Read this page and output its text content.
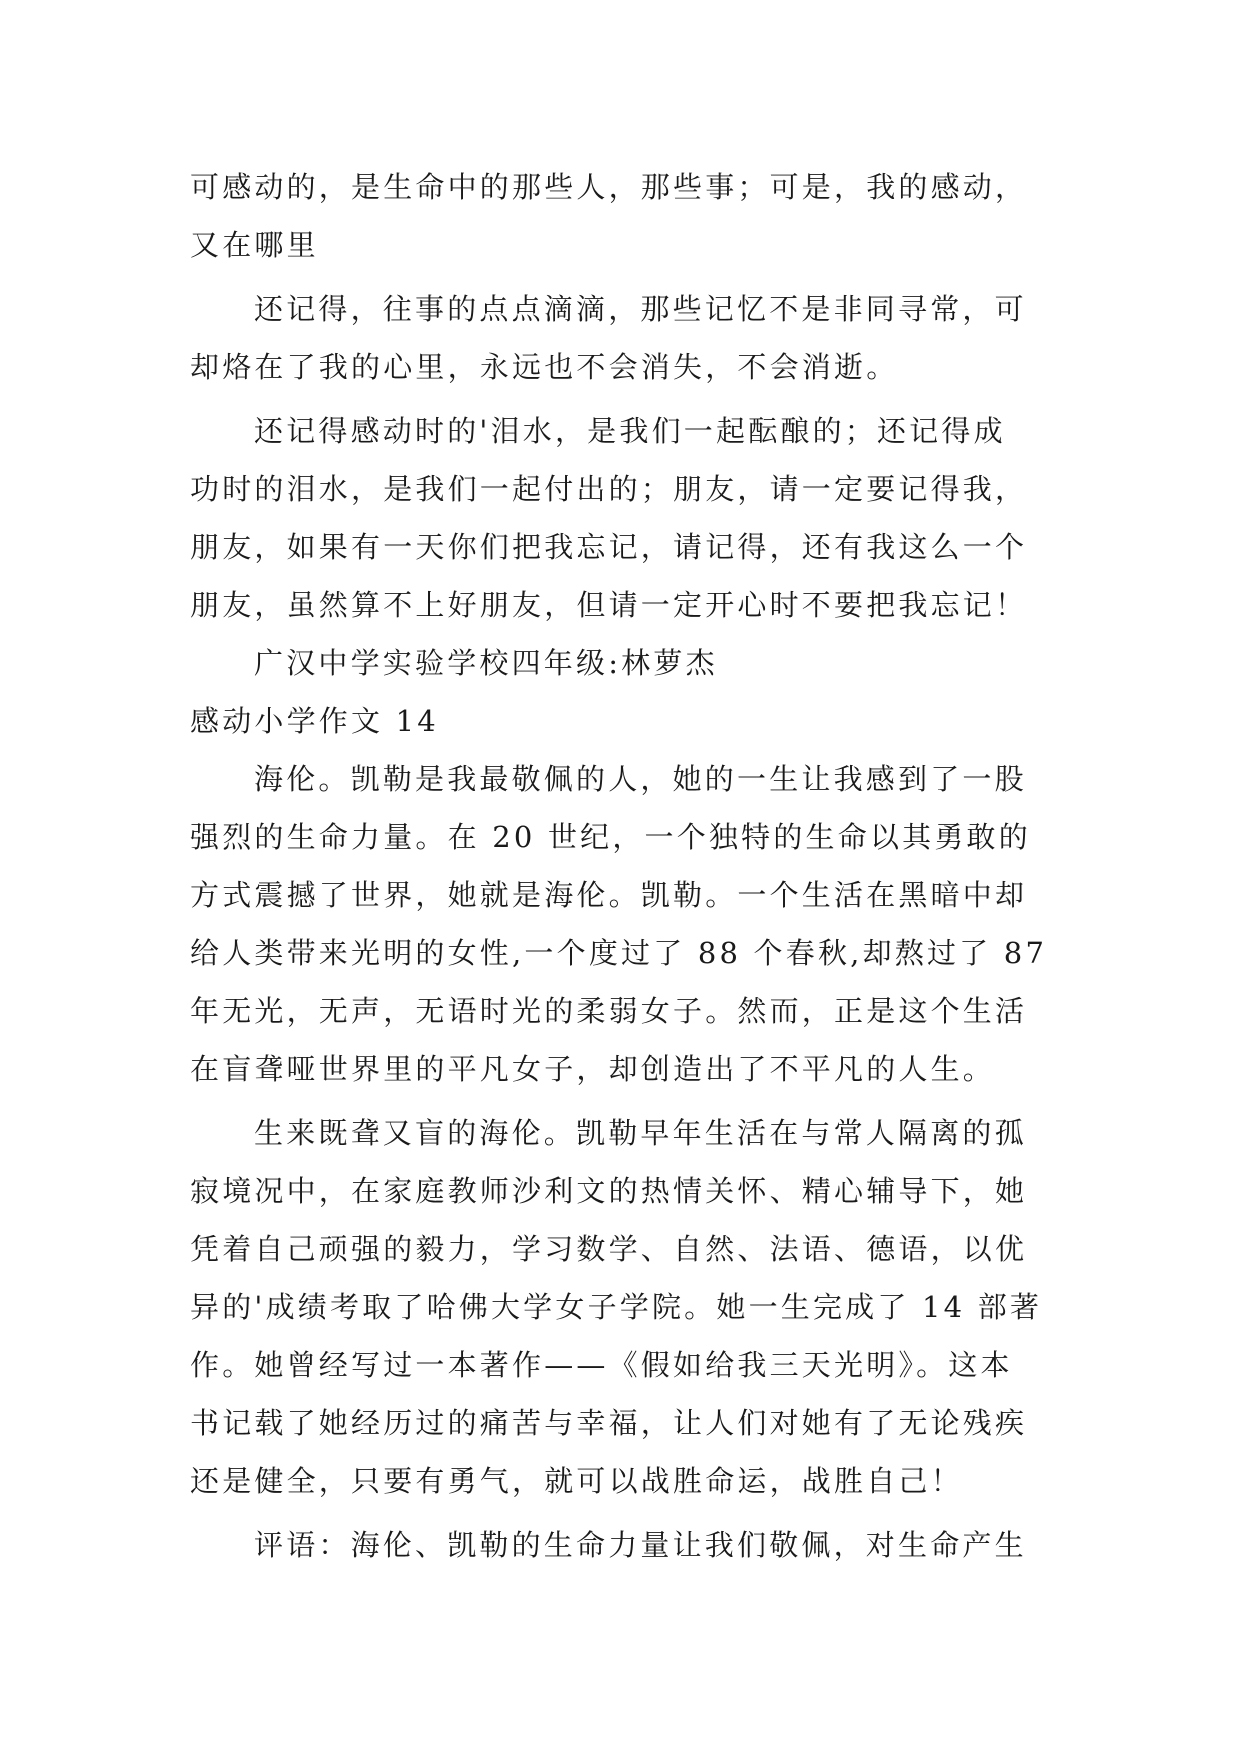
可感动的，是生命中的那些人，那些事；可是，我的感动，

又在哪里

还记得，往事的点点滴滴，那些记忆不是非同寻常，可

却烙在了我的心里，永远也不会消失，不会消逝。

还记得感动时的'泪水，是我们一起酝酿的；还记得成

功时的泪水，是我们一起付出的；朋友，请一定要记得我，

朋友，如果有一天你们把我忘记，请记得，还有我这么一个

朋友，虽然算不上好朋友，但请一定开心时不要把我忘记！

广汉中学实验学校四年级:林萝杰

感动小学作文 14

海伦。凯勒是我最敬佩的人，她的一生让我感到了一股

强烈的生命力量。在 20 世纪，一个独特的生命以其勇敢的

方式震撼了世界，她就是海伦。凯勒。一个生活在黑暗中却

给人类带来光明的女性,一个度过了 88 个春秋,却熬过了 87

年无光，无声，无语时光的柔弱女子。然而，正是这个生活

在盲聋哑世界里的平凡女子，却创造出了不平凡的人生。

生来既聋又盲的海伦。凯勒早年生活在与常人隔离的孤

寂境况中，在家庭教师沙利文的热情关怀、精心辅导下，她

凭着自己顽强的毅力，学习数学、自然、法语、德语，以优

异的'成绩考取了哈佛大学女子学院。她一生完成了 14 部著

作。她曾经写过一本著作——《假如给我三天光明》。这本

书记载了她经历过的痛苦与幸福，让人们对她有了无论残疾

还是健全，只要有勇气，就可以战胜命运，战胜自己！

评语：海伦、凯勒的生命力量让我们敬佩，对生命产生
